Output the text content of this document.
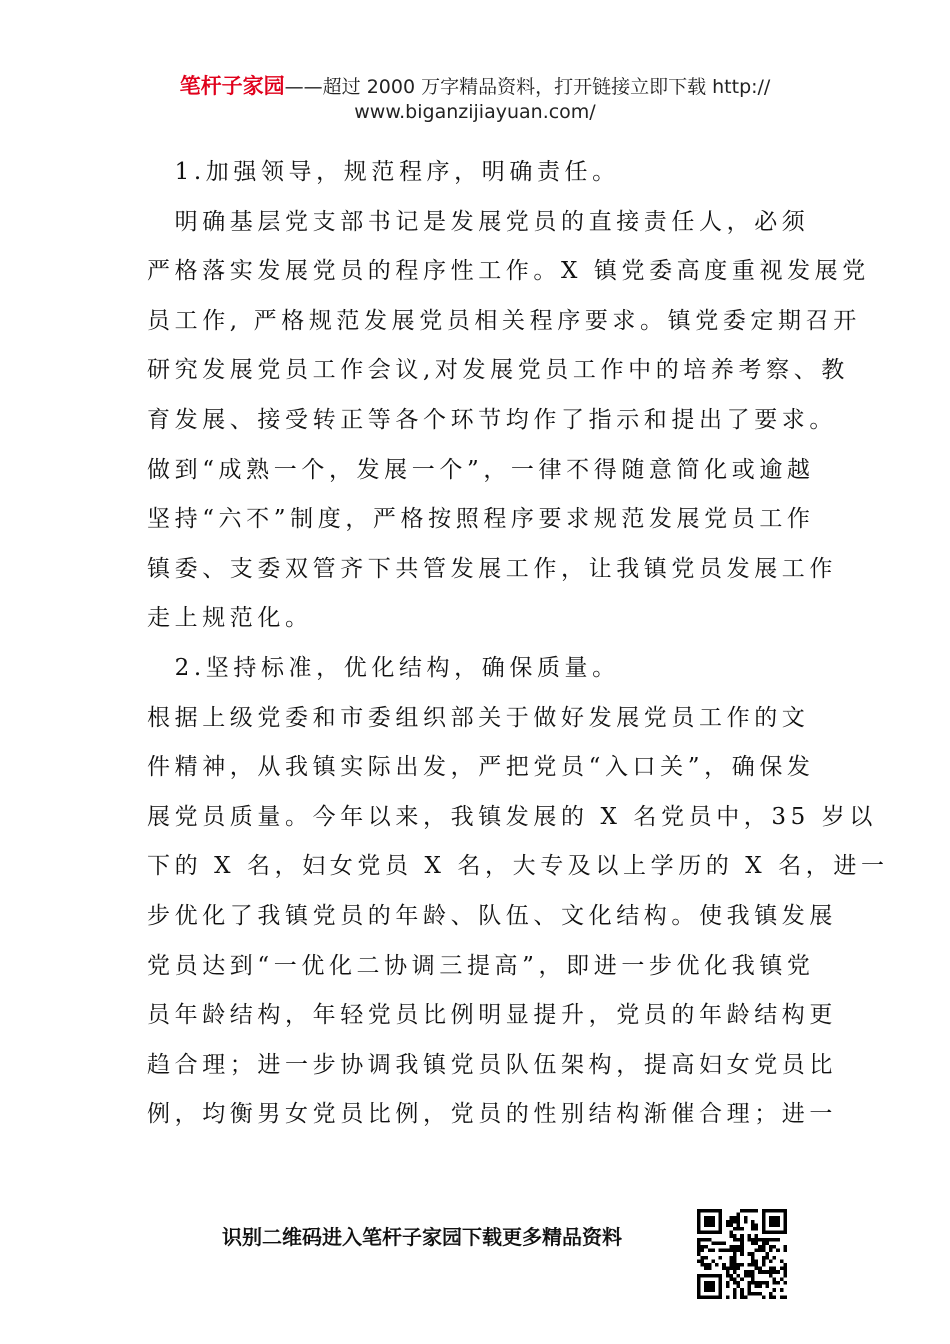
笔杆子家园——超过 2000 万字精品资料，打开链接立即下载 http://
www.biganzijiayuan.com/
　1.加强领导，规范程序，明确责任。
　明确基层党支部书记是发展党员的直接责任人，必须
严格落实发展党员的程序性工作。X 镇党委高度重视发展党
员工作, 严格规范发展党员相关程序要求。镇党委定期召开
研究发展党员工作会议,对发展党员工作中的培养考察、教
育发展、接受转正等各个环节均作了指示和提出了要求。
做到“成熟一个，发展一个”，一律不得随意简化或逾越
坚持“六不”制度，严格按照程序要求规范发展党员工作
镇委、支委双管齐下共管发展工作，让我镇党员发展工作
走上规范化。
　2.坚持标准，优化结构，确保质量。
根据上级党委和市委组织部关于做好发展党员工作的文
件精神，从我镇实际出发，严把党员“入口关”，确保发
展党员质量。今年以来，我镇发展的 X 名党员中，35 岁以
下的 X 名，妇女党员 X 名，大专及以上学历的 X 名，进一
步优化了我镇党员的年龄、队伍、文化结构。使我镇发展
党员达到“一优化二协调三提高”，即进一步优化我镇党
员年龄结构，年轻党员比例明显提升，党员的年龄结构更
趋合理；进一步协调我镇党员队伍架构，提高妇女党员比
例，均衡男女党员比例，党员的性别结构渐催合理；进一
识别二维码进入笔杆子家园下载更多精品资料
